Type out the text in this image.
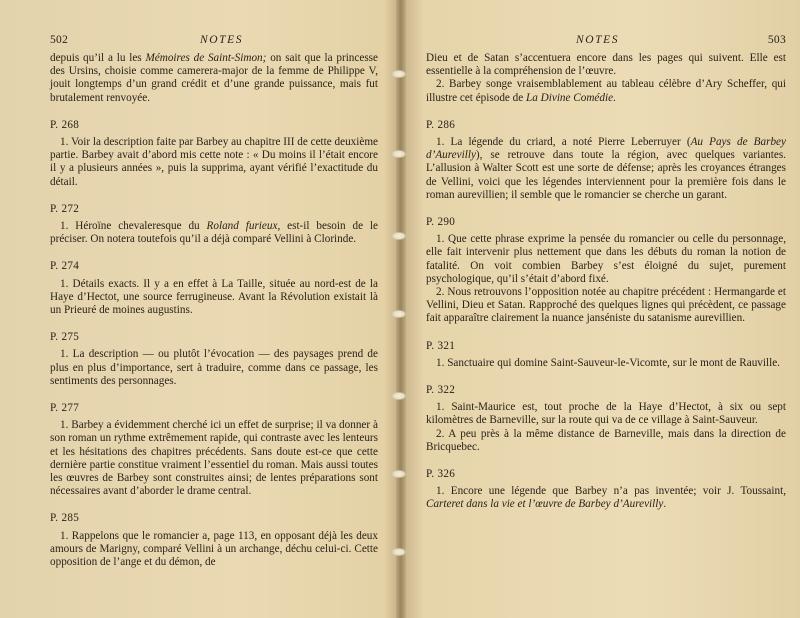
502	NOTES

depuis qu’il a lu les Mémoires de Saint-Simon; on sait que la princesse des Ursins, choisie comme camerera-major de la femme de Philippe V, jouit longtemps d’un grand crédit et d’une grande puissance, mais fut brutalement renvoyée.

P. 268

1. Voir la description faite par Barbey au chapitre III de cette deuxième partie. Barbey avait d’abord mis cette note : « Du moins il l’était encore il y a plusieurs années », puis la supprima, ayant vérifié l’exactitude du détail.

P. 272

1. Héroïne chevaleresque du Roland furieux, est-il besoin de le préciser. On notera toutefois qu’il a déjà comparé Vellini à Clorinde.

P. 274

1. Détails exacts. Il y a en effet à La Taille, située au nord-est de la Haye d’Hectot, une source ferrugineuse. Avant la Révolution existait là un Prieuré de moines augustins.

P. 275

1. La description — ou plutôt l’évocation — des paysages prend de plus en plus d’importance, sert à traduire, comme dans ce passage, les sentiments des personnages.

P. 277

1. Barbey a évidemment cherché ici un effet de surprise; il va donner à son roman un rythme extrêmement rapide, qui contraste avec les lenteurs et les hésitations des chapitres précédents. Sans doute est-ce que cette dernière partie constitue vraiment l’essentiel du roman. Mais aussi toutes les œuvres de Barbey sont construites ainsi; de lentes préparations sont nécessaires avant d’aborder le drame central.

P. 285

1. Rappelons que le romancier a, page 113, en opposant déjà les deux amours de Marigny, comparé Vellini à un archange, déchu celui-ci. Cette opposition de l’ange et du démon, de

NOTES	503

Dieu et de Satan s’accentuera encore dans les pages qui suivent. Elle est essentielle à la compréhension de l’œuvre.

2. Barbey songe vraisemblablement au tableau célèbre d’Ary Scheffer, qui illustre cet épisode de La Divine Comédie.

P. 286

1. La légende du criard, a noté Pierre Leberruyer (Au Pays de Barbey d’Aurevilly), se retrouve dans toute la région, avec quelques variantes. L’allusion à Walter Scott est une sorte de défense; après les croyances étranges de Vellini, voici que les légendes interviennent pour la première fois dans le roman aurevillien; il semble que le romancier se cherche un garant.

P. 290

1. Que cette phrase exprime la pensée du romancier ou celle du personnage, elle fait intervenir plus nettement que dans les débuts du roman la notion de fatalité. On voit combien Barbey s’est éloigné du sujet, purement psychologique, qu’il s’était d’abord fixé.

2. Nous retrouvons l’opposition notée au chapitre précédent : Hermangarde et Vellini, Dieu et Satan. Rapproché des quelques lignes qui précèdent, ce passage fait apparaître clairement la nuance janséniste du satanisme aurevillien.

P. 321

1. Sanctuaire qui domine Saint-Sauveur-le-Vicomte, sur le mont de Rauville.

P. 322

1. Saint-Maurice est, tout proche de la Haye d’Hectot, à six ou sept kilomètres de Barneville, sur la route qui va de ce village à Saint-Sauveur.

2. A peu près à la même distance de Barneville, mais dans la direction de Bricquebec.

P. 326

1. Encore une légende que Barbey n’a pas inventée; voir J. Toussaint, Carteret dans la vie et l’œuvre de Barbey d’Aurevilly.
